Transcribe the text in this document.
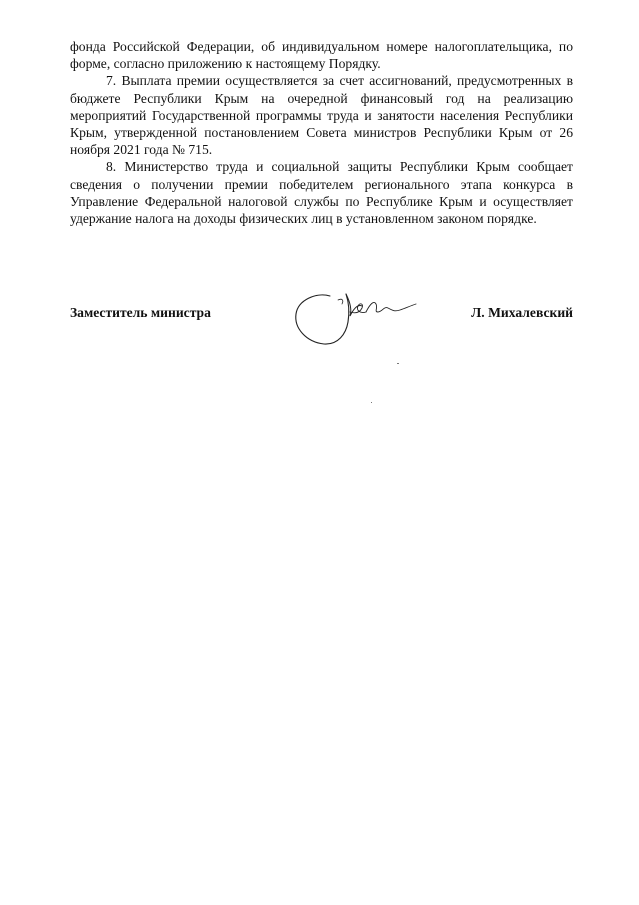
фонда Российской Федерации, об индивидуальном номере налогоплательщика, по форме, согласно приложению к настоящему Порядку.

7. Выплата премии осуществляется за счет ассигнований, предусмотренных в бюджете Республики Крым на очередной финансовый год на реализацию мероприятий Государственной программы труда и занятости населения Республики Крым, утвержденной постановлением Совета министров Республики Крым от 26 ноября 2021 года № 715.

8. Министерство труда и социальной защиты Республики Крым сообщает сведения о получении премии победителем регионального этапа конкурса в Управление Федеральной налоговой службы по Республике Крым и осуществляет удержание налога на доходы физических лиц в установленном законом порядке.

Заместитель министра	Л. Михалевский
